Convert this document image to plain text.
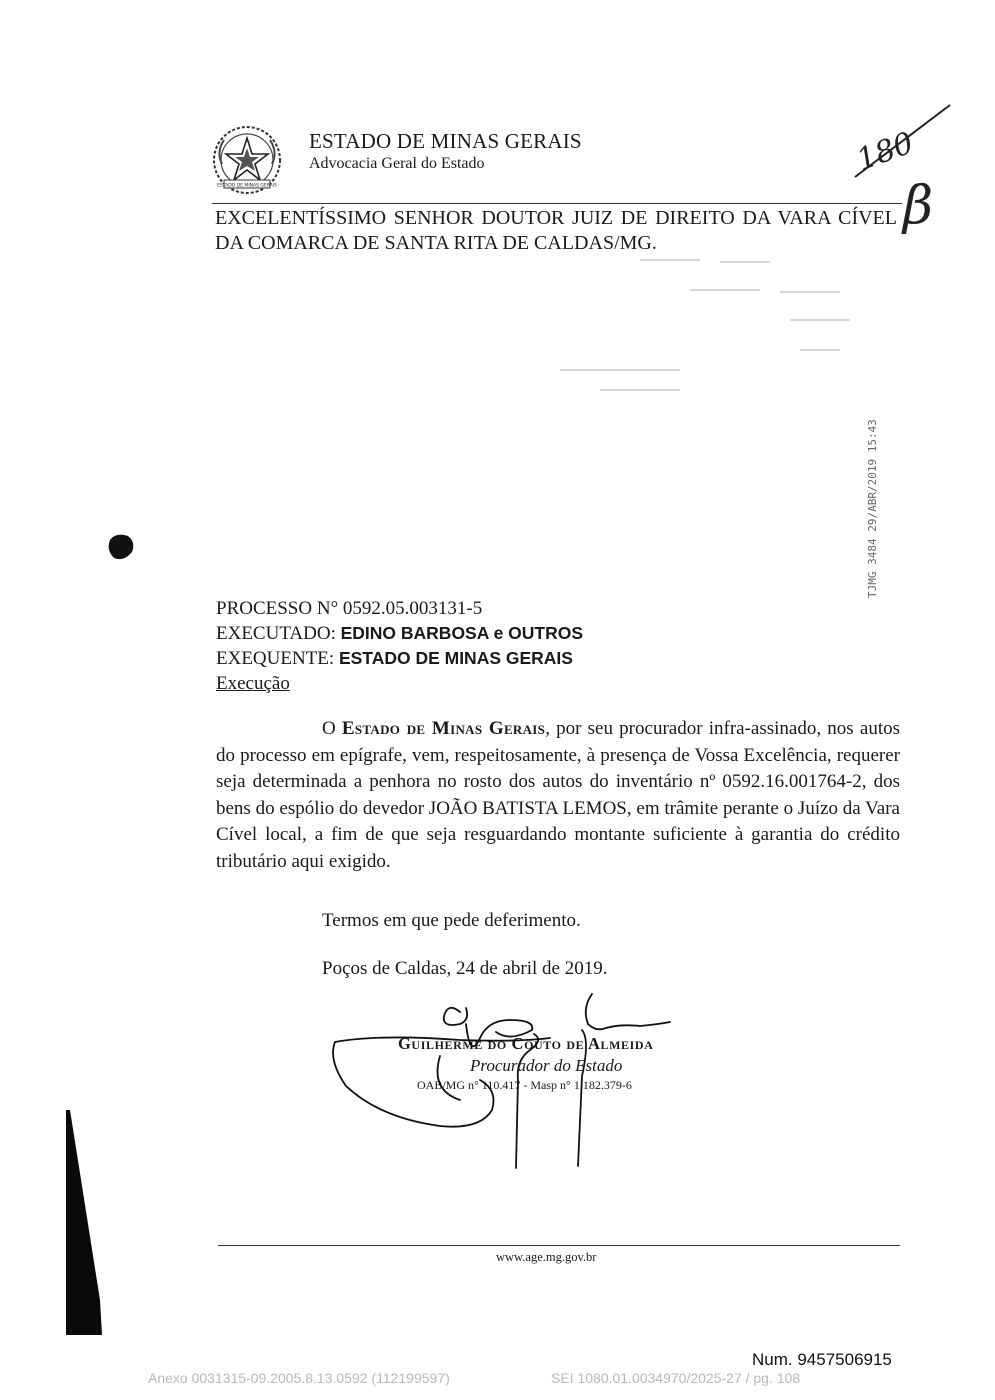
ESTADO DE MINAS GERAIS
ESTADO DE MINAS GERAIS
Advocacia Geral do Estado	180
β
EXCELENTÍSSIMO SENHOR DOUTOR JUIZ DE DIREITO DA VARA CÍVEL DA COMARCA DE SANTA RITA DE CALDAS/MG.
TJMG 3484 29/ABR/2019 15:43
PROCESSO N° 0592.05.003131-5
EXECUTADO: EDINO BARBOSA e OUTROS
EXEQUENTE: ESTADO DE MINAS GERAIS
Execução
O Estado de Minas Gerais, por seu procurador infra-assinado, nos autos do processo em epígrafe, vem, respeitosamente, à presença de Vossa Excelência, requerer seja determinada a penhora no rosto dos autos do inventário nº 0592.16.001764-2, dos bens do espólio do devedor JOÃO BATISTA LEMOS, em trâmite perante o Juízo da Vara Cível local, a fim de que seja resguardando montante suficiente à garantia do crédito tributário aqui exigido.
Termos em que pede deferimento.
Poços de Caldas, 24 de abril de 2019.
Guilherme do Couto de Almeida
Procurador do Estado
OAB/MG n° 110.417 - Masp n° 1.182.379-6
www.age.mg.gov.br
Num. 9457506915
Anexo 0031315-09.2005.8.13.0592 (112199597)	SEI 1080.01.0034970/2025-27 / pg. 108
